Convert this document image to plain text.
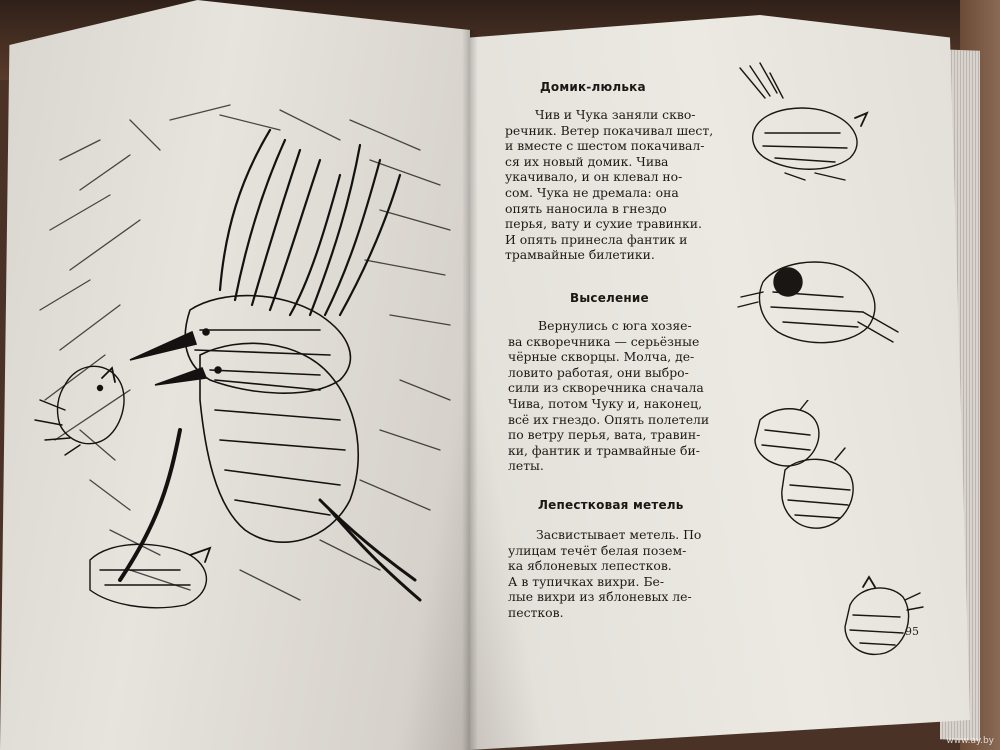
Домик-люлька
Чив и Чука заняли сквo-
речник. Ветер покачивал шест,
и вместе с шестом покачивал-
ся их новый домик. Чива
укачивало, и он клевал но-
сом. Чука не дремала: она
опять наносила в гнездо
перья, вату и сухие травинки.
И опять принесла фантик и
трамвайные билетики.
Выселение
Вернулись с юга хозяе-
ва скворечника — серьёзные
чёрные скворцы. Молча, де-
ловито работая, они выбро-
сили из скворечника сначала
Чива, потом Чуку и, наконец,
всё их гнездо. Опять полетели
по ветру перья, вата, травин-
ки, фантик и трамвайные би-
леты.
Лепестковая метель
Засвистывает метель. По
улицам течёт белая позем-
ка яблоневых лепестков.
А в тупичках вихри. Бе-
лые вихри из яблоневых ле-
пестков.
95
www.ay.by
